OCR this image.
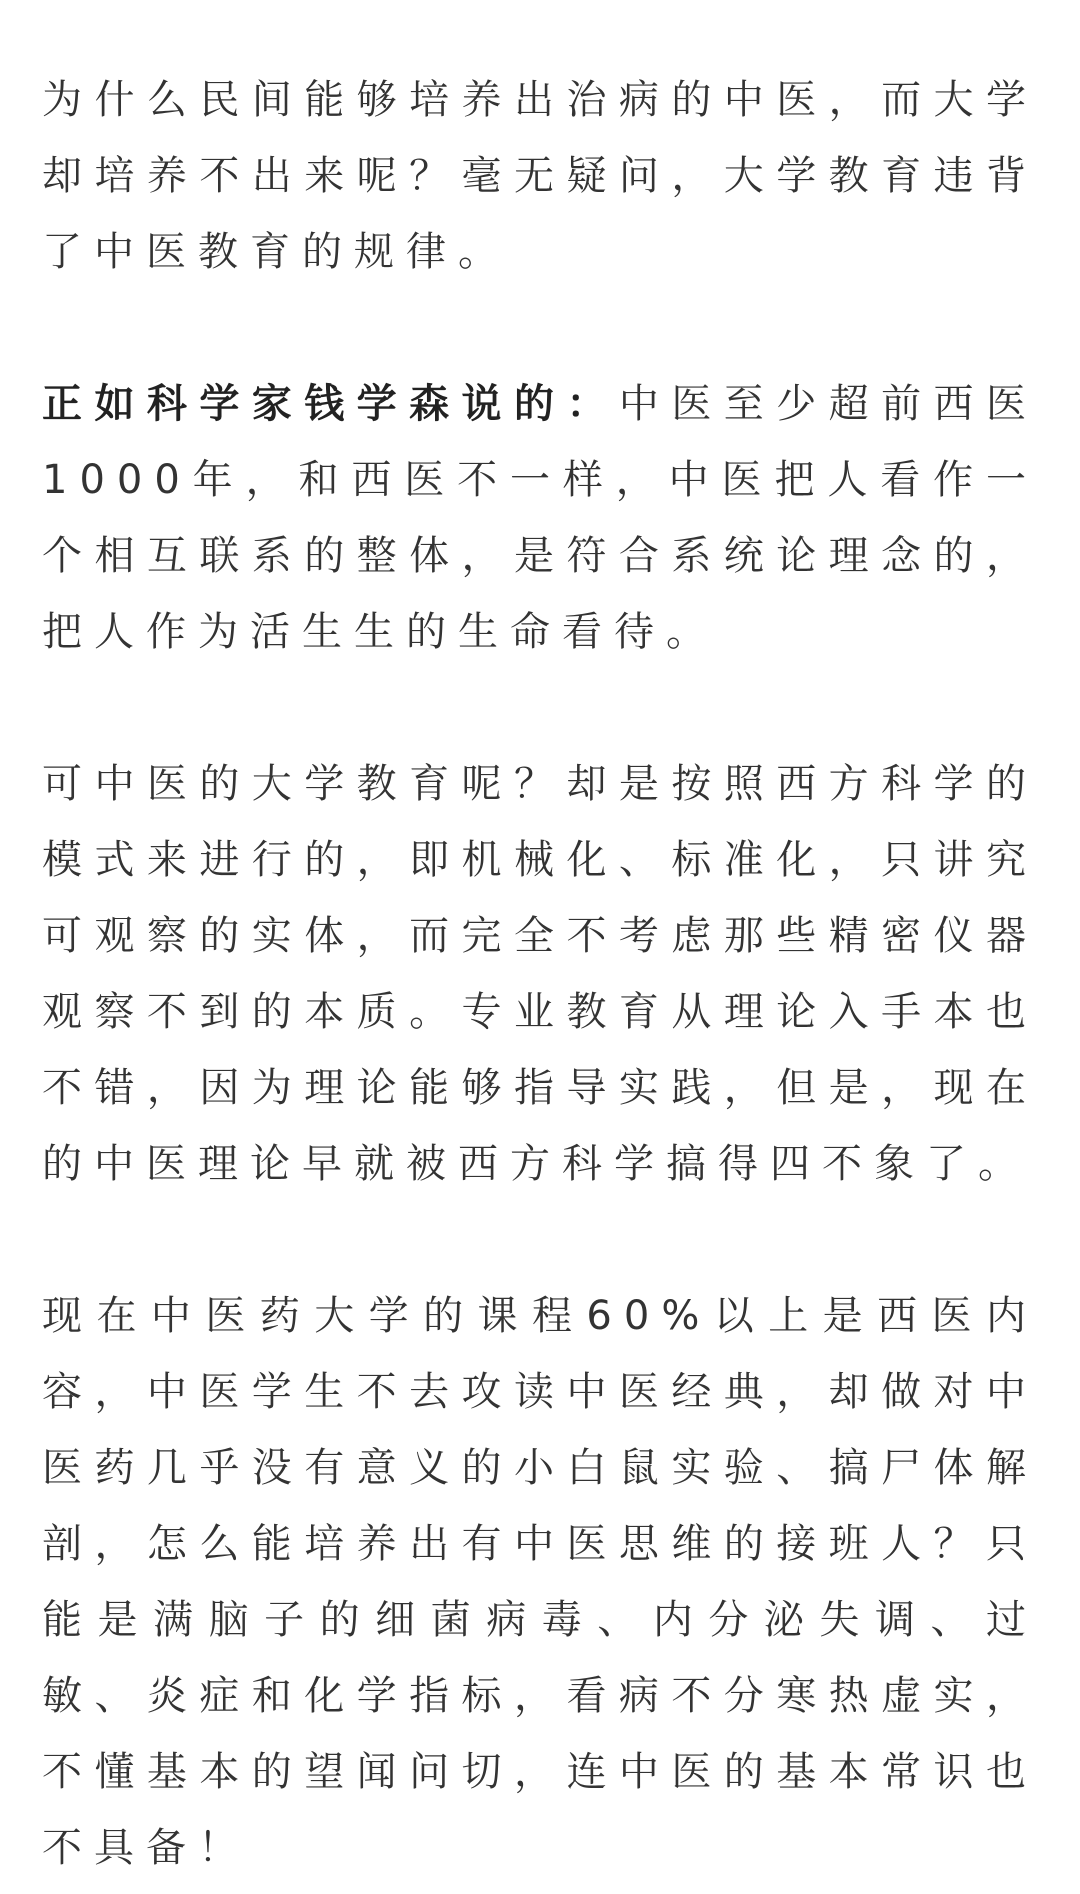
为什么民间能够培养出治病的中医，而大学却培养不出来呢？毫无疑问，大学教育违背了中医教育的规律。

正如科学家钱学森说的：中医至少超前西医1000年，和西医不一样，中医把人看作一个相互联系的整体，是符合系统论理念的，把人作为活生生的生命看待。

可中医的大学教育呢？却是按照西方科学的模式来进行的，即机械化、标准化，只讲究可观察的实体，而完全不考虑那些精密仪器观察不到的本质。专业教育从理论入手本也不错，因为理论能够指导实践，但是，现在的中医理论早就被西方科学搞得四不象了。

现在中医药大学的课程60%以上是西医内容，中医学生不去攻读中医经典，却做对中医药几乎没有意义的小白鼠实验、搞尸体解剖，怎么能培养出有中医思维的接班人？只能是满脑子的细菌病毒、内分泌失调、过敏、炎症和化学指标，看病不分寒热虚实，不懂基本的望闻问切，连中医的基本常识也不具备！
